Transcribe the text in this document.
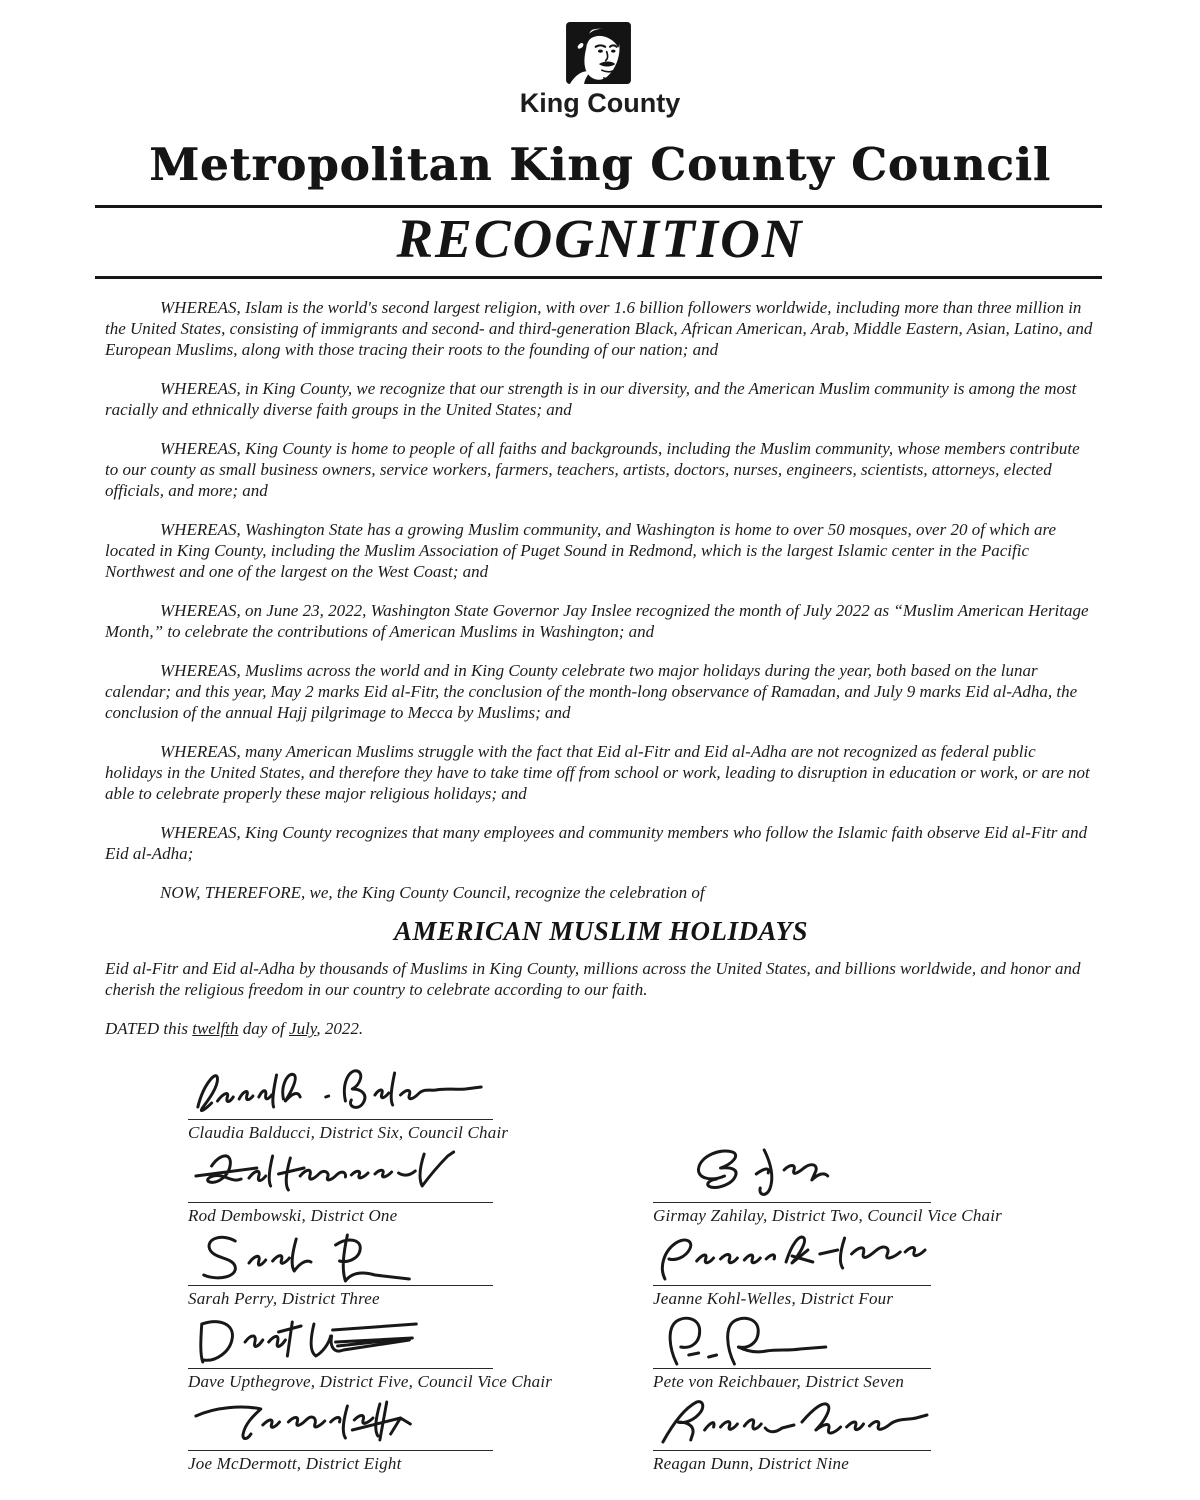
King County
Metropolitan King County Council
RECOGNITION

WHEREAS, Islam is the world's second largest religion, with over 1.6 billion followers worldwide, including more than three million in the United States, consisting of immigrants and second- and third-generation Black, African American, Arab, Middle Eastern, Asian, Latino, and European Muslims, along with those tracing their roots to the founding of our nation; and

WHEREAS, in King County, we recognize that our strength is in our diversity, and the American Muslim community is among the most racially and ethnically diverse faith groups in the United States; and

WHEREAS, King County is home to people of all faiths and backgrounds, including the Muslim community, whose members contribute to our county as small business owners, service workers, farmers, teachers, artists, doctors, nurses, engineers, scientists, attorneys, elected officials, and more; and

WHEREAS, Washington State has a growing Muslim community, and Washington is home to over 50 mosques, over 20 of which are located in King County, including the Muslim Association of Puget Sound in Redmond, which is the largest Islamic center in the Pacific Northwest and one of the largest on the West Coast; and

WHEREAS, on June 23, 2022, Washington State Governor Jay Inslee recognized the month of July 2022 as “Muslim American Heritage Month,” to celebrate the contributions of American Muslims in Washington; and

WHEREAS, Muslims across the world and in King County celebrate two major holidays during the year, both based on the lunar calendar; and this year, May 2 marks Eid al-Fitr, the conclusion of the month-long observance of Ramadan, and July 9 marks Eid al-Adha, the conclusion of the annual Hajj pilgrimage to Mecca by Muslims; and

WHEREAS, many American Muslims struggle with the fact that Eid al-Fitr and Eid al-Adha are not recognized as federal public holidays in the United States, and therefore they have to take time off from school or work, leading to disruption in education or work, or are not able to celebrate properly these major religious holidays; and

WHEREAS, King County recognizes that many employees and community members who follow the Islamic faith observe Eid al-Fitr and Eid al-Adha;

NOW, THEREFORE, we, the King County Council, recognize the celebration of

AMERICAN MUSLIM HOLIDAYS

Eid al-Fitr and Eid al-Adha by thousands of Muslims in King County, millions across the United States, and billions worldwide, and honor and cherish the religious freedom in our country to celebrate according to our faith.

DATED this twelfth day of July, 2022.

Claudia Balducci, District Six, Council Chair
Rod Dembowski, District One	Girmay Zahilay, District Two, Council Vice Chair
Sarah Perry, District Three	Jeanne Kohl-Welles, District Four
Dave Upthegrove, District Five, Council Vice Chair	Pete von Reichbauer, District Seven
Joe McDermott, District Eight	Reagan Dunn, District Nine
